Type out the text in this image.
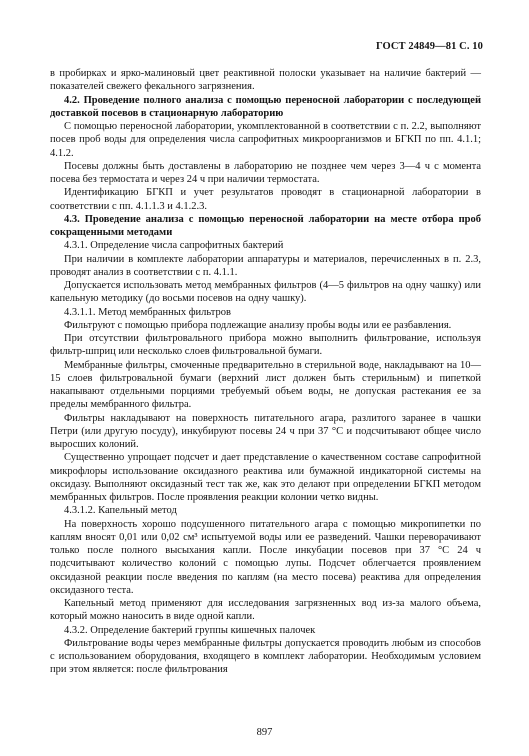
ГОСТ 24849—81 С. 10

в пробирках и ярко-малиновый цвет реактивной полоски указывает на наличие бактерий — показателей свежего фекального загрязнения.

4.2. Проведение полного анализа с помощью переносной лаборатории с последующей доставкой посевов в стационарную лабораторию

С помощью переносной лаборатории, укомплектованной в соответствии с п. 2.2, выполняют посев проб воды для определения числа сапрофитных микроорганизмов и БГКП по пп. 4.1.1; 4.1.2.

Посевы должны быть доставлены в лабораторию не позднее чем через 3—4 ч с момента посева без термостата и через 24 ч при наличии термостата.

Идентификацию БГКП и учет результатов проводят в стационарной лаборатории в соответствии с пп. 4.1.1.3 и 4.1.2.3.

4.3. Проведение анализа с помощью переносной лаборатории на месте отбора проб сокращенными методами

4.3.1. Определение числа сапрофитных бактерий

При наличии в комплекте лаборатории аппаратуры и материалов, перечисленных в п. 2.3, проводят анализ в соответствии с п. 4.1.1.

Допускается использовать метод мембранных фильтров (4—5 фильтров на одну чашку) или капельную методику (до восьми посевов на одну чашку).

4.3.1.1. Метод мембранных фильтров

Фильтруют с помощью прибора подлежащие анализу пробы воды или ее разбавления.

При отсутствии фильтровального прибора можно выполнить фильтрование, используя фильтр-шприц или несколько слоев фильтровальной бумаги.

Мембранные фильтры, смоченные предварительно в стерильной воде, накладывают на 10—15 слоев фильтровальной бумаги (верхний лист должен быть стерильным) и пипеткой накапывают отдельными порциями требуемый объем воды, не допуская растекания ее за пределы мембранного фильтра.

Фильтры накладывают на поверхность питательного агара, разлитого заранее в чашки Петри (или другую посуду), инкубируют посевы 24 ч при 37 °С и подсчитывают общее число выросших колоний.

Существенно упрощает подсчет и дает представление о качественном составе сапрофитной микрофлоры использование оксидазного реактива или бумажной индикаторной системы на оксидазу. Выполняют оксидазный тест так же, как это делают при определении БГКП методом мембранных фильтров. После проявления реакции колонии четко видны.

4.3.1.2. Капельный метод

На поверхность хорошо подсушенного питательного агара с помощью микропипетки по каплям вносят 0,01 или 0,02 см³ испытуемой воды или ее разведений. Чашки переворачивают только после полного высыхания капли. После инкубации посевов при 37 °С 24 ч подсчитывают количество колоний с помощью лупы. Подсчет облегчается проявлением оксидазной реакции после введения по каплям (на место посева) реактива для определения оксидазного теста.

Капельный метод применяют для исследования загрязненных вод из-за малого объема, который можно наносить в виде одной капли.

4.3.2. Определение бактерий группы кишечных палочек

Фильтрование воды через мембранные фильтры допускается проводить любым из способов с использованием оборудования, входящего в комплект лаборатории. Необходимым условием при этом является: после фильтрования

897
